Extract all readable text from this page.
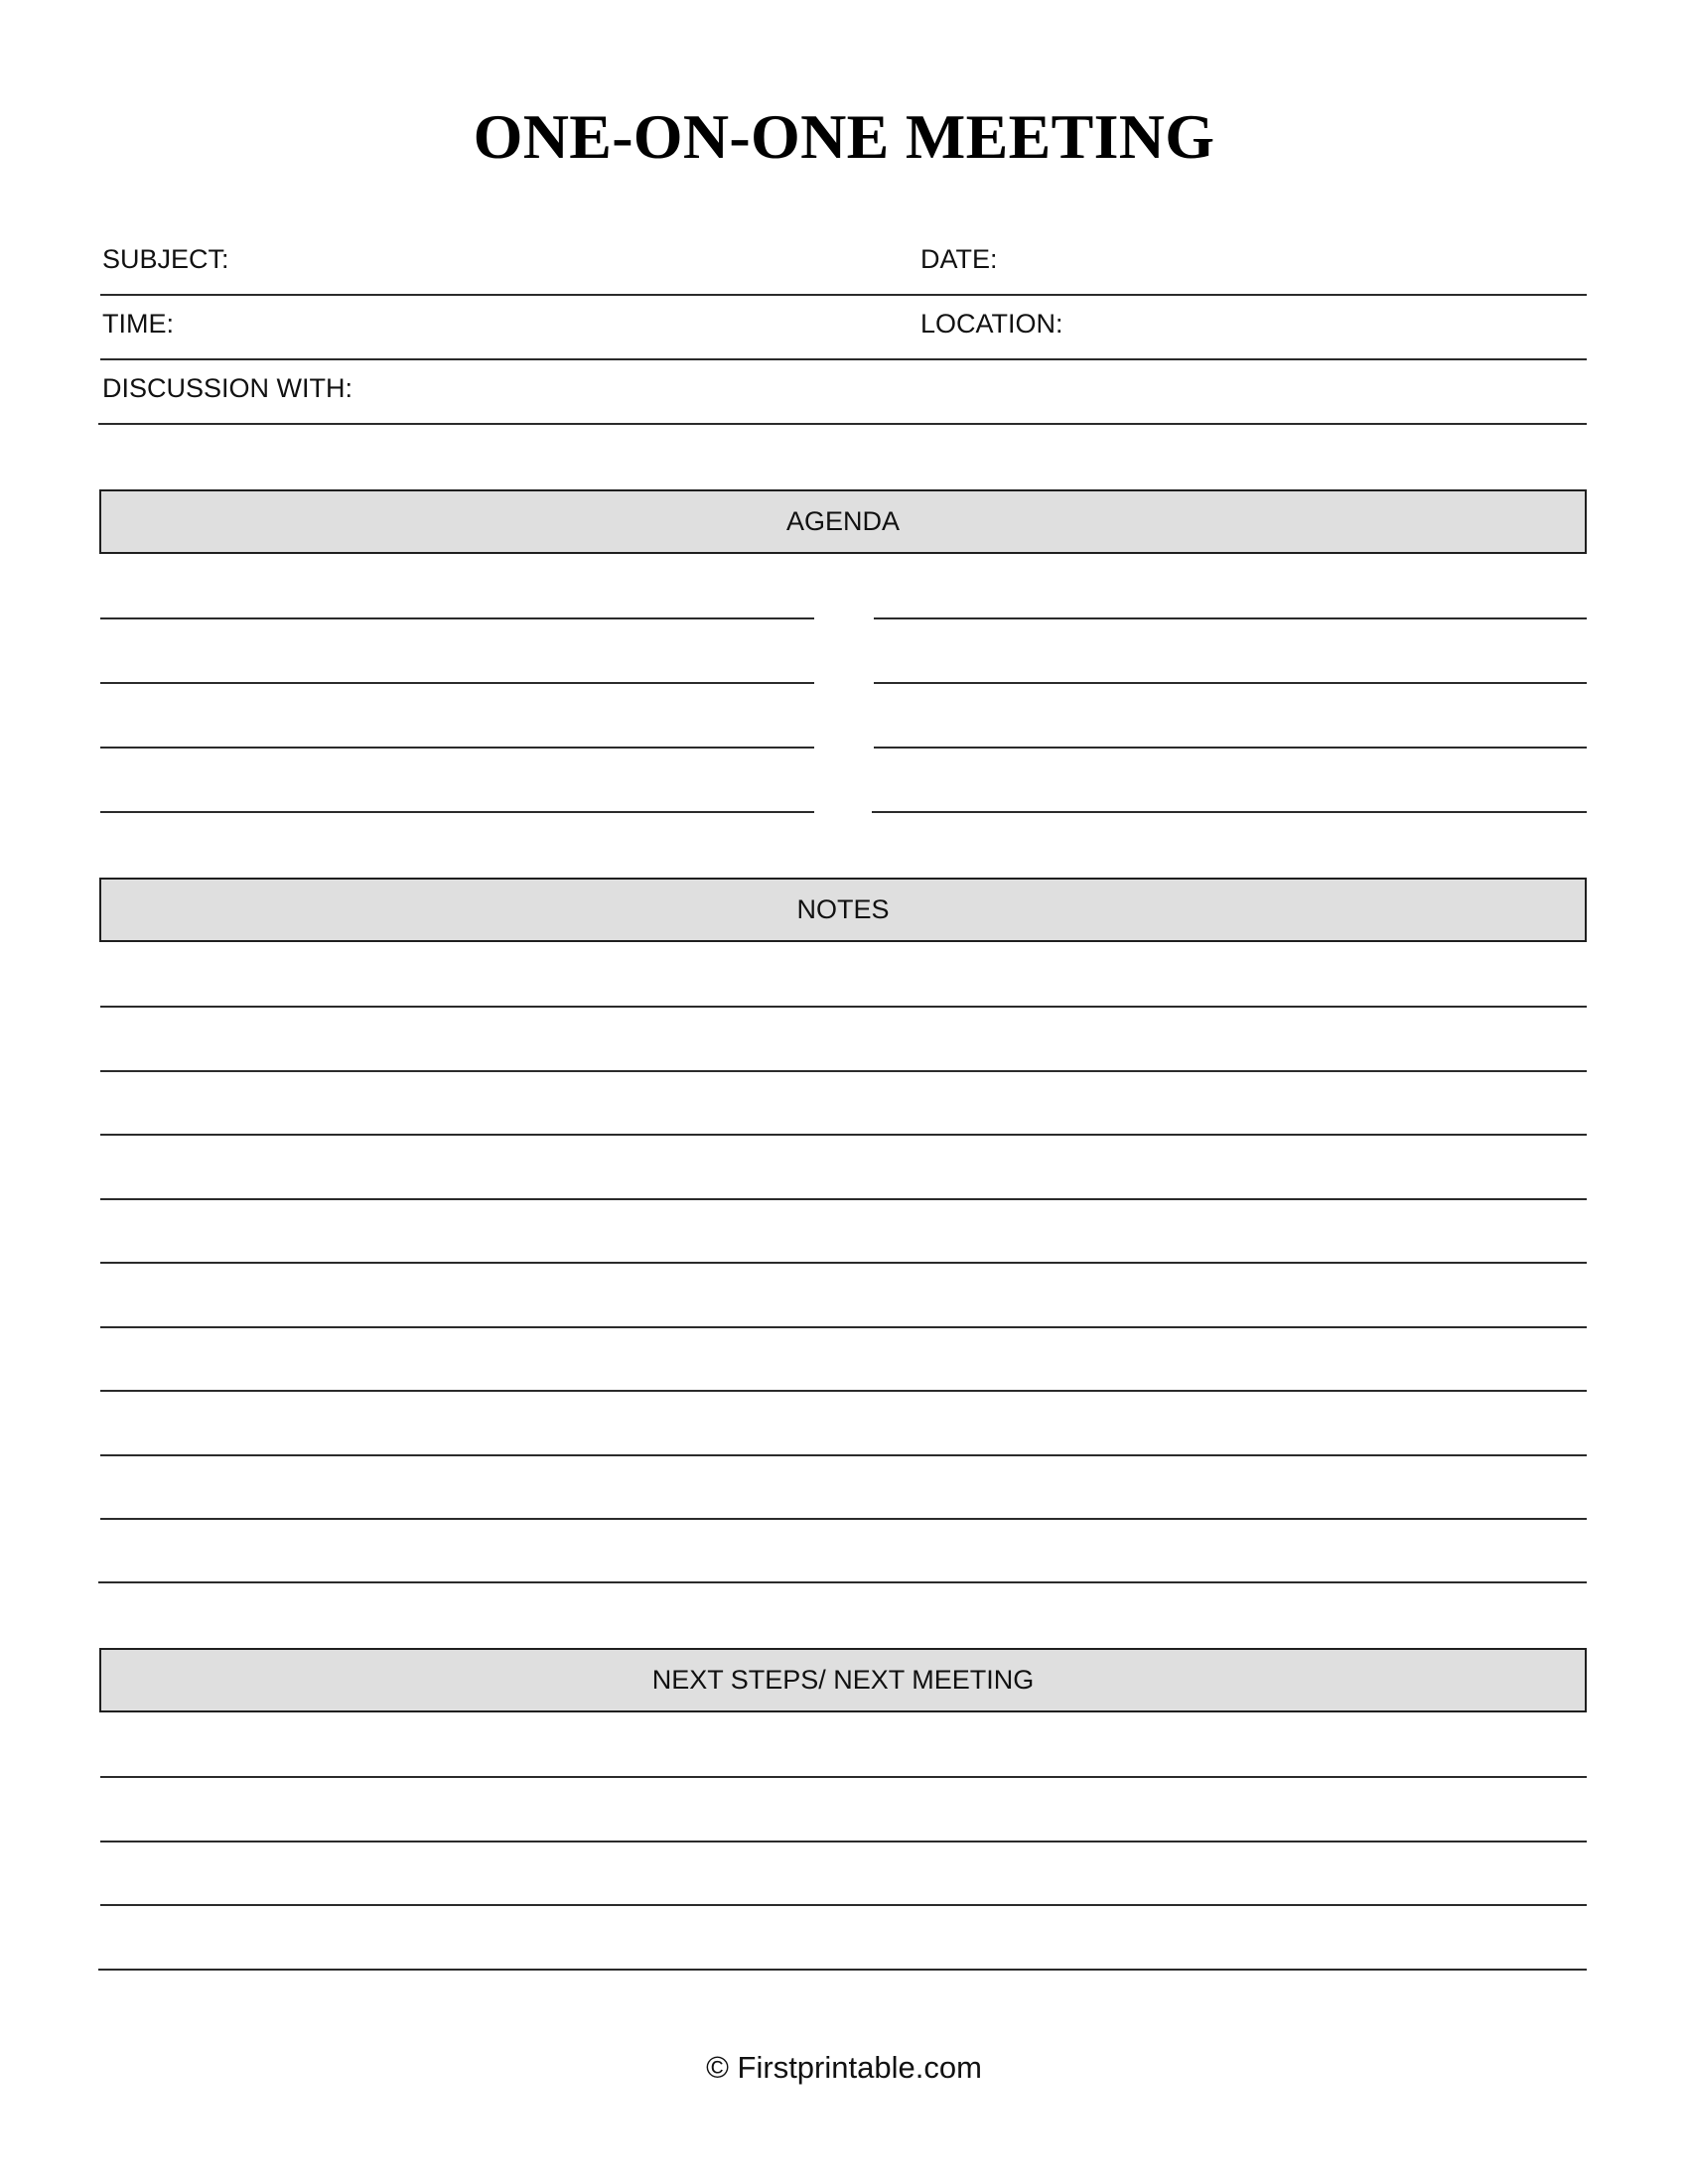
ONE-ON-ONE MEETING
SUBJECT:	DATE:
TIME:	LOCATION:
DISCUSSION WITH:
AGENDA
NOTES
NEXT STEPS/ NEXT MEETING
© Firstprintable.com
